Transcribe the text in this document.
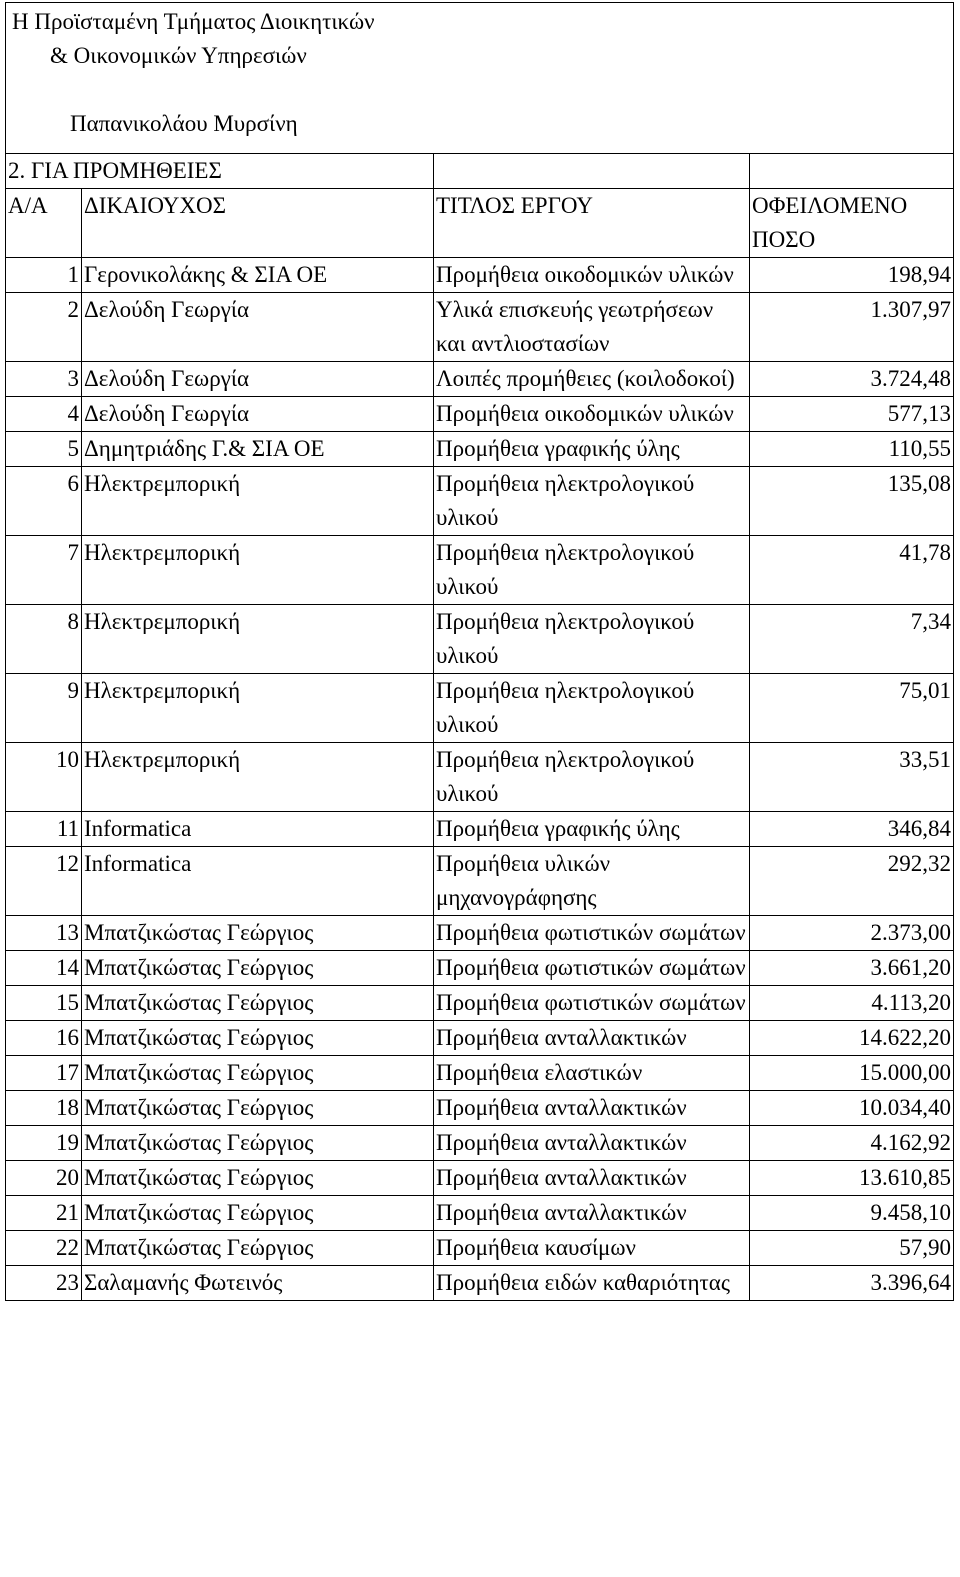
Η Προϊσταμένη Τμήματος Διοικητικών
& Οικονομικών Υπηρεσιών
Παπανικολάου Μυρσίνη			

2. ΓΙΑ ΠΡΟΜΗΘΕΙΕΣ			
Α/Α	ΔΙΚΑΙΟΥΧΟΣ	ΤΙΤΛΟΣ ΕΡΓΟΥ	ΟΦΕΙΛΟΜΕΝΟ ΠΟΣΟ
1	Γερονικολάκης & ΣΙΑ ΟΕ	Προμήθεια οικοδομικών υλικών	198,94
2	Δελούδη Γεωργία	Υλικά επισκευής γεωτρήσεων και αντλιοστασίων	1.307,97
3	Δελούδη Γεωργία	Λοιπές προμήθειες (κοιλοδοκοί)	3.724,48
4	Δελούδη Γεωργία	Προμήθεια οικοδομικών υλικών	577,13
5	Δημητριάδης Γ.& ΣΙΑ ΟΕ	Προμήθεια γραφικής ύλης	110,55
6	Ηλεκτρεμπορική	Προμήθεια ηλεκτρολογικού υλικού	135,08
7	Ηλεκτρεμπορική	Προμήθεια ηλεκτρολογικού υλικού	41,78
8	Ηλεκτρεμπορική	Προμήθεια ηλεκτρολογικού υλικού	7,34
9	Ηλεκτρεμπορική	Προμήθεια ηλεκτρολογικού υλικού	75,01
10	Ηλεκτρεμπορική	Προμήθεια ηλεκτρολογικού υλικού	33,51
11	Informatica	Προμήθεια γραφικής ύλης	346,84
12	Informatica	Προμήθεια υλικών μηχανογράφησης	292,32
13	Μπατζικώστας Γεώργιος	Προμήθεια φωτιστικών σωμάτων	2.373,00
14	Μπατζικώστας Γεώργιος	Προμήθεια φωτιστικών σωμάτων	3.661,20
15	Μπατζικώστας Γεώργιος	Προμήθεια φωτιστικών σωμάτων	4.113,20
16	Μπατζικώστας Γεώργιος	Προμήθεια ανταλλακτικών	14.622,20
17	Μπατζικώστας Γεώργιος	Προμήθεια ελαστικών	15.000,00
18	Μπατζικώστας Γεώργιος	Προμήθεια ανταλλακτικών	10.034,40
19	Μπατζικώστας Γεώργιος	Προμήθεια ανταλλακτικών	4.162,92
20	Μπατζικώστας Γεώργιος	Προμήθεια ανταλλακτικών	13.610,85
21	Μπατζικώστας Γεώργιος	Προμήθεια ανταλλακτικών	9.458,10
22	Μπατζικώστας Γεώργιος	Προμήθεια καυσίμων	57,90
23	Σαλαμανής Φωτεινός	Προμήθεια ειδών καθαριότητας	3.396,64
